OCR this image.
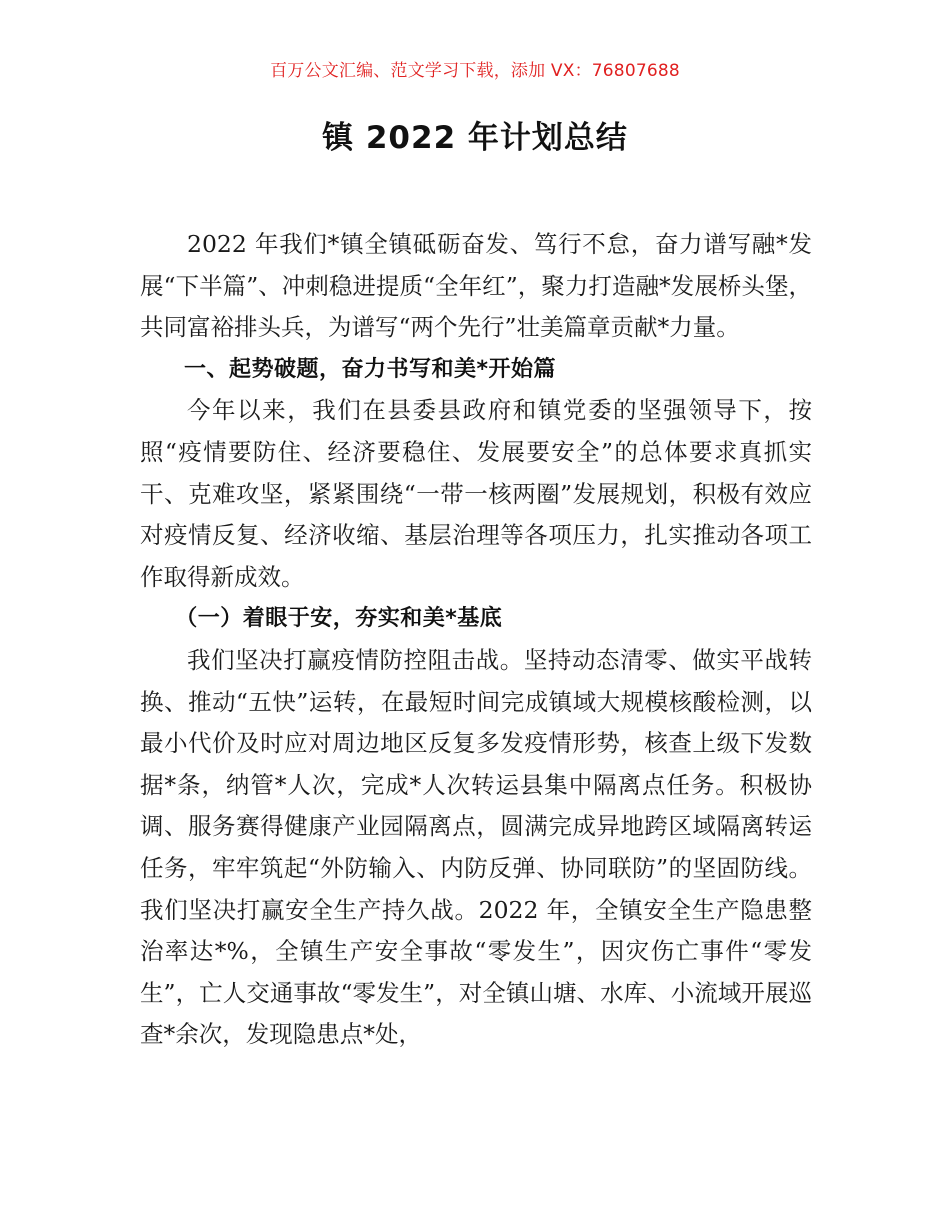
百万公文汇编、范文学习下载，添加 VX：76807688
镇 2022 年计划总结

2022 年我们*镇全镇砥砺奋发、笃行不怠，奋力谱写融*发展“下半篇”、冲刺稳进提质“全年红”，聚力打造融*发展桥头堡，共同富裕排头兵，为谱写“两个先行”壮美篇章贡献*力量。

一、起势破题，奋力书写和美*开始篇

今年以来，我们在县委县政府和镇党委的坚强领导下，按照“疫情要防住、经济要稳住、发展要安全”的总体要求真抓实干、克难攻坚，紧紧围绕“一带一核两圈”发展规划，积极有效应对疫情反复、经济收缩、基层治理等各项压力，扎实推动各项工作取得新成效。

（一）着眼于安，夯实和美*基底

我们坚决打赢疫情防控阻击战。坚持动态清零、做实平战转换、推动“五快”运转，在最短时间完成镇域大规模核酸检测，以最小代价及时应对周边地区反复多发疫情形势，核查上级下发数据*条，纳管*人次，完成*人次转运县集中隔离点任务。积极协调、服务赛得健康产业园隔离点，圆满完成异地跨区域隔离转运任务，牢牢筑起“外防输入、内防反弹、协同联防”的坚固防线。我们坚决打赢安全生产持久战。2022 年，全镇安全生产隐患整治率达*%，全镇生产安全事故“零发生”，因灾伤亡事件“零发生”，亡人交通事故“零发生”，对全镇山塘、水库、小流域开展巡查*余次，发现隐患点*处，
